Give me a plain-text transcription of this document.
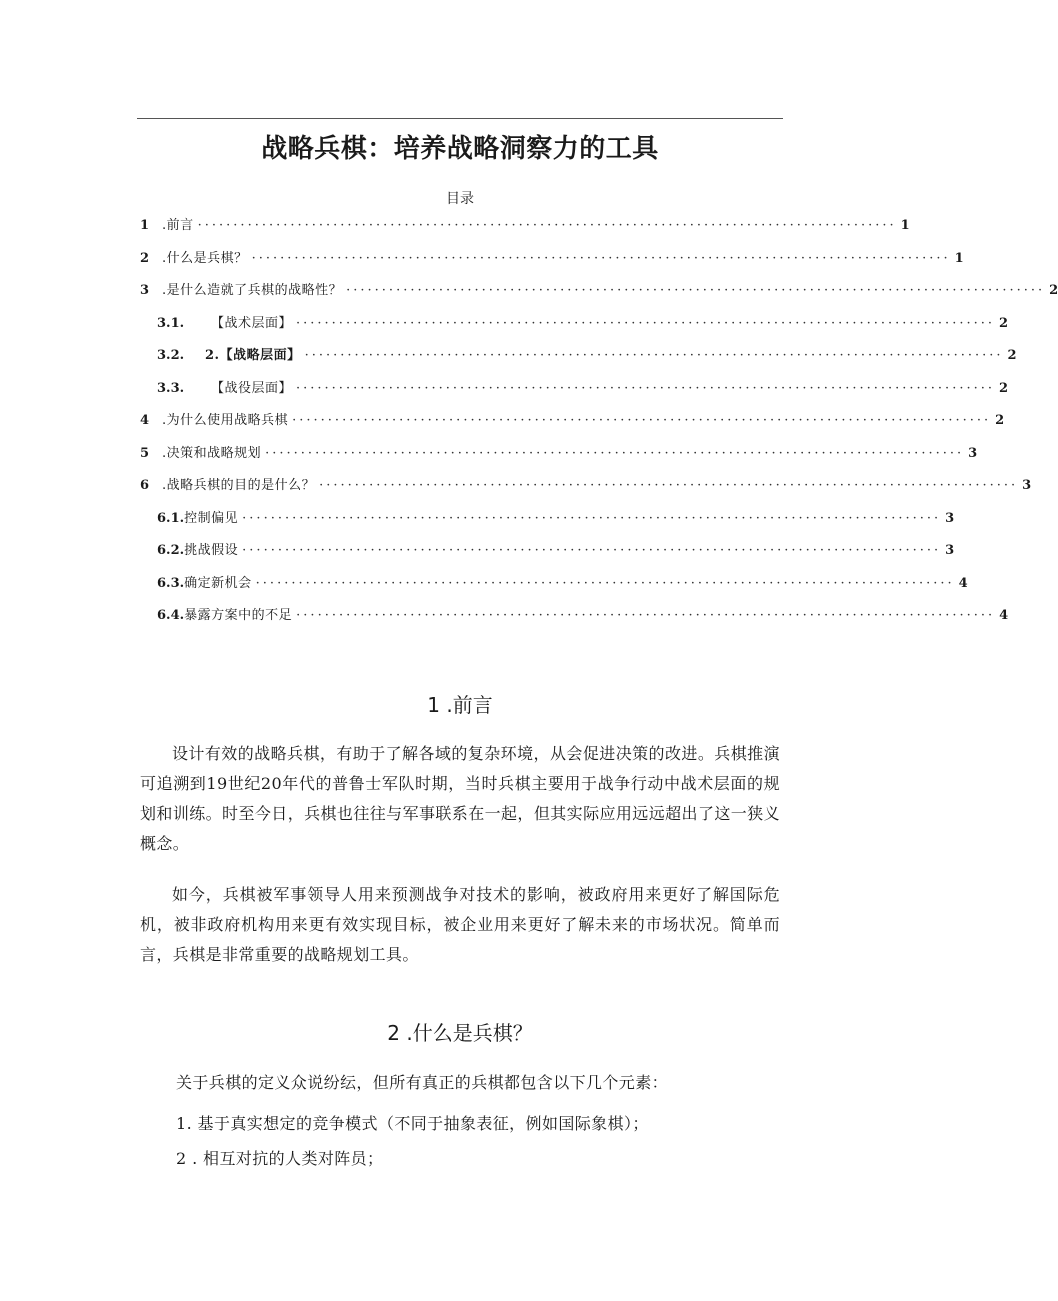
战略兵棋：培养战略洞察力的工具
目录
1 .前言 ·································································································· 1
2 .什么是兵棋？ ·································································································· 1
3 .是什么造就了兵棋的战略性？ ·································································································· 2
3.1.	【战术层面】 ·································································································· 2
3.2.	2.【战略层面】 ·································································································· 2
3.3.	【战役层面】 ·································································································· 2
4 .为什么使用战略兵棋 ·································································································· 2
5 .决策和战略规划 ·································································································· 3
6 .战略兵棋的目的是什么？ ·································································································· 3
6.1. 控制偏见 ·································································································· 3
6.2. 挑战假设 ·································································································· 3
6.3. 确定新机会 ·································································································· 4
6.4. 暴露方案中的不足 ·································································································· 4
1 .前言

设计有效的战略兵棋，有助于了解各域的复杂环境，从会促进决策的改进。兵棋推演可追溯到19世纪20年代的普鲁士军队时期，当时兵棋主要用于战争行动中战术层面的规划和训练。时至今日，兵棋也往往与军事联系在一起，但其实际应用远远超出了这一狭义概念。

如今，兵棋被军事领导人用来预测战争对技术的影响，被政府用来更好了解国际危机，被非政府机构用来更有效实现目标，被企业用来更好了解未来的市场状况。简单而言，兵棋是非常重要的战略规划工具。

2 .什么是兵棋？

关于兵棋的定义众说纷纭，但所有真正的兵棋都包含以下几个元素：

1. 基于真实想定的竞争模式（不同于抽象表征，例如国际象棋）；

2 . 相互对抗的人类对阵员；
